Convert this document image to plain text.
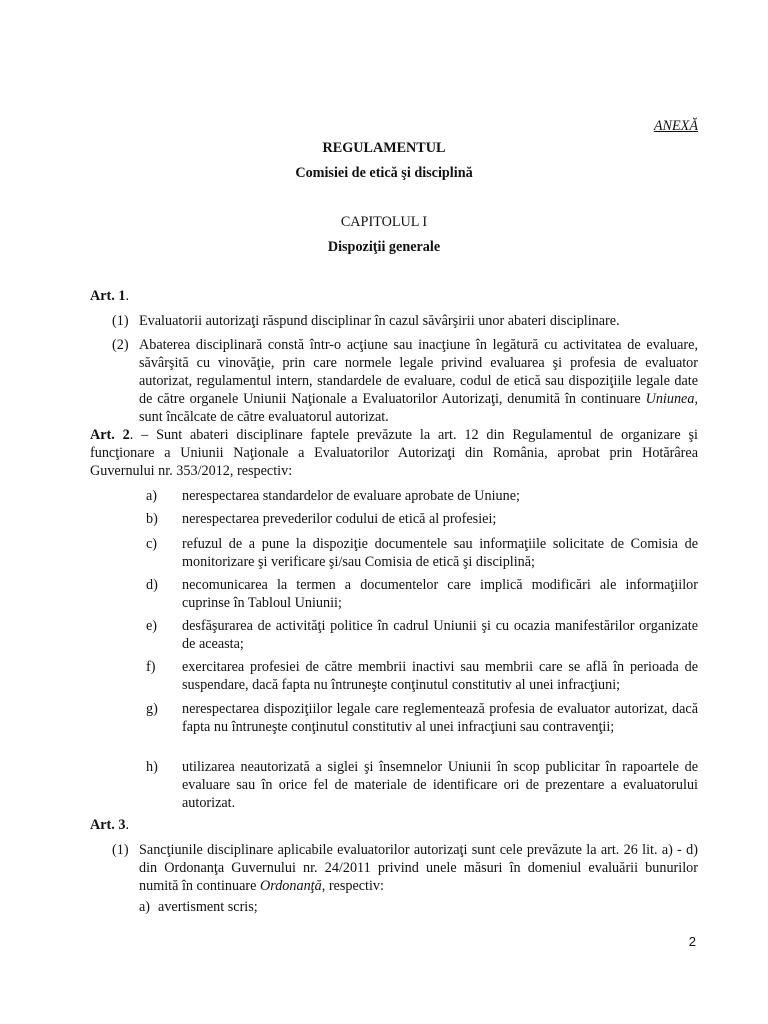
ANEXĂ
REGULAMENTUL
Comisiei de etică şi disciplină
CAPITOLUL I
Dispoziţii generale
Art. 1.
(1) Evaluatorii autorizaţi răspund disciplinar în cazul săvârşirii unor abateri disciplinare.
(2) Abaterea disciplinară constă într-o acţiune sau inacţiune în legătură cu activitatea de evaluare, săvârşită cu vinovăţie, prin care normele legale privind evaluarea şi profesia de evaluator autorizat, regulamentul intern, standardele de evaluare, codul de etică sau dispoziţiile legale date de către organele Uniunii Naţionale a Evaluatorilor Autorizaţi, denumită în continuare Uniunea, sunt încălcate de către evaluatorul autorizat.
Art. 2. – Sunt abateri disciplinare faptele prevăzute la art. 12 din Regulamentul de organizare şi funcţionare a Uniunii Naţionale a Evaluatorilor Autorizaţi din România, aprobat prin Hotărârea Guvernului nr. 353/2012, respectiv:
a) nerespectarea standardelor de evaluare aprobate de Uniune;
b) nerespectarea prevederilor codului de etică al profesiei;
c) refuzul de a pune la dispoziţie documentele sau informaţiile solicitate de Comisia de monitorizare şi verificare şi/sau Comisia de etică şi disciplină;
d) necomunicarea la termen a documentelor care implică modificări ale informaţiilor cuprinse în Tabloul Uniunii;
e) desfăşurarea de activităţi politice în cadrul Uniunii şi cu ocazia manifestărilor organizate de aceasta;
f) exercitarea profesiei de către membrii inactivi sau membrii care se află în perioada de suspendare, dacă fapta nu întruneşte conţinutul constitutiv al unei infracţiuni;
g) nerespectarea dispoziţiilor legale care reglementează profesia de evaluator autorizat, dacă fapta nu întruneşte conţinutul constitutiv al unei infracţiuni sau contravenţii;
h) utilizarea neautorizată a siglei şi însemnelor Uniunii în scop publicitar în rapoartele de evaluare sau în orice fel de materiale de identificare ori de prezentare a evaluatorului autorizat.
Art. 3.
(1) Sancţiunile disciplinare aplicabile evaluatorilor autorizaţi sunt cele prevăzute la art. 26 lit. a) - d) din Ordonanţa Guvernului nr. 24/2011 privind unele măsuri în domeniul evaluării bunurilor numită în continuare Ordonanţă, respectiv:
a) avertisment scris;
2
